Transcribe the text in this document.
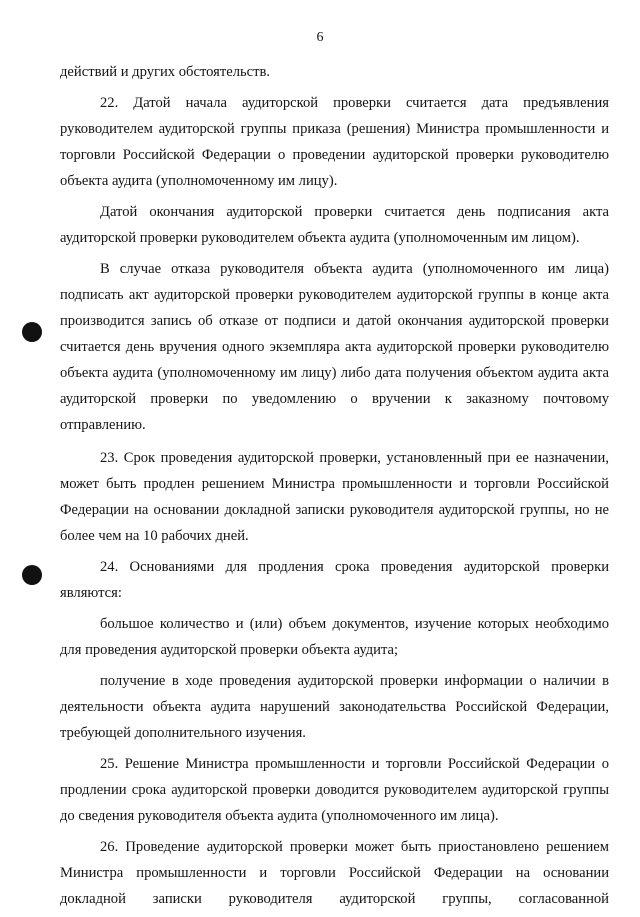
6

действий и других обстоятельств.

22. Датой начала аудиторской проверки считается дата предъявления руководителем аудиторской группы приказа (решения) Министра промышленности и торговли Российской Федерации о проведении аудиторской проверки руководителю объекта аудита (уполномоченному им лицу).

Датой окончания аудиторской проверки считается день подписания акта аудиторской проверки руководителем объекта аудита (уполномоченным им лицом).

В случае отказа руководителя объекта аудита (уполномоченного им лица) подписать акт аудиторской проверки руководителем аудиторской группы в конце акта производится запись об отказе от подписи и датой окончания аудиторской проверки считается день вручения одного экземпляра акта аудиторской проверки руководителю объекта аудита (уполномоченному им лицу) либо дата получения объектом аудита акта аудиторской проверки по уведомлению о вручении к заказному почтовому отправлению.

23. Срок проведения аудиторской проверки, установленный при ее назначении, может быть продлен решением Министра промышленности и торговли Российской Федерации на основании докладной записки руководителя аудиторской группы, но не более чем на 10 рабочих дней.

24. Основаниями для продления срока проведения аудиторской проверки являются:

большое количество и (или) объем документов, изучение которых необходимо для проведения аудиторской проверки объекта аудита;

получение в ходе проведения аудиторской проверки информации о наличии в деятельности объекта аудита нарушений законодательства Российской Федерации, требующей дополнительного изучения.

25. Решение Министра промышленности и торговли Российской Федерации о продлении срока аудиторской проверки доводится руководителем аудиторской группы до сведения руководителя объекта аудита (уполномоченного им лица).

26. Проведение аудиторской проверки может быть приостановлено решением Министра промышленности и торговли Российской Федерации на основании докладной записки руководителя аудиторской группы, согласованной
